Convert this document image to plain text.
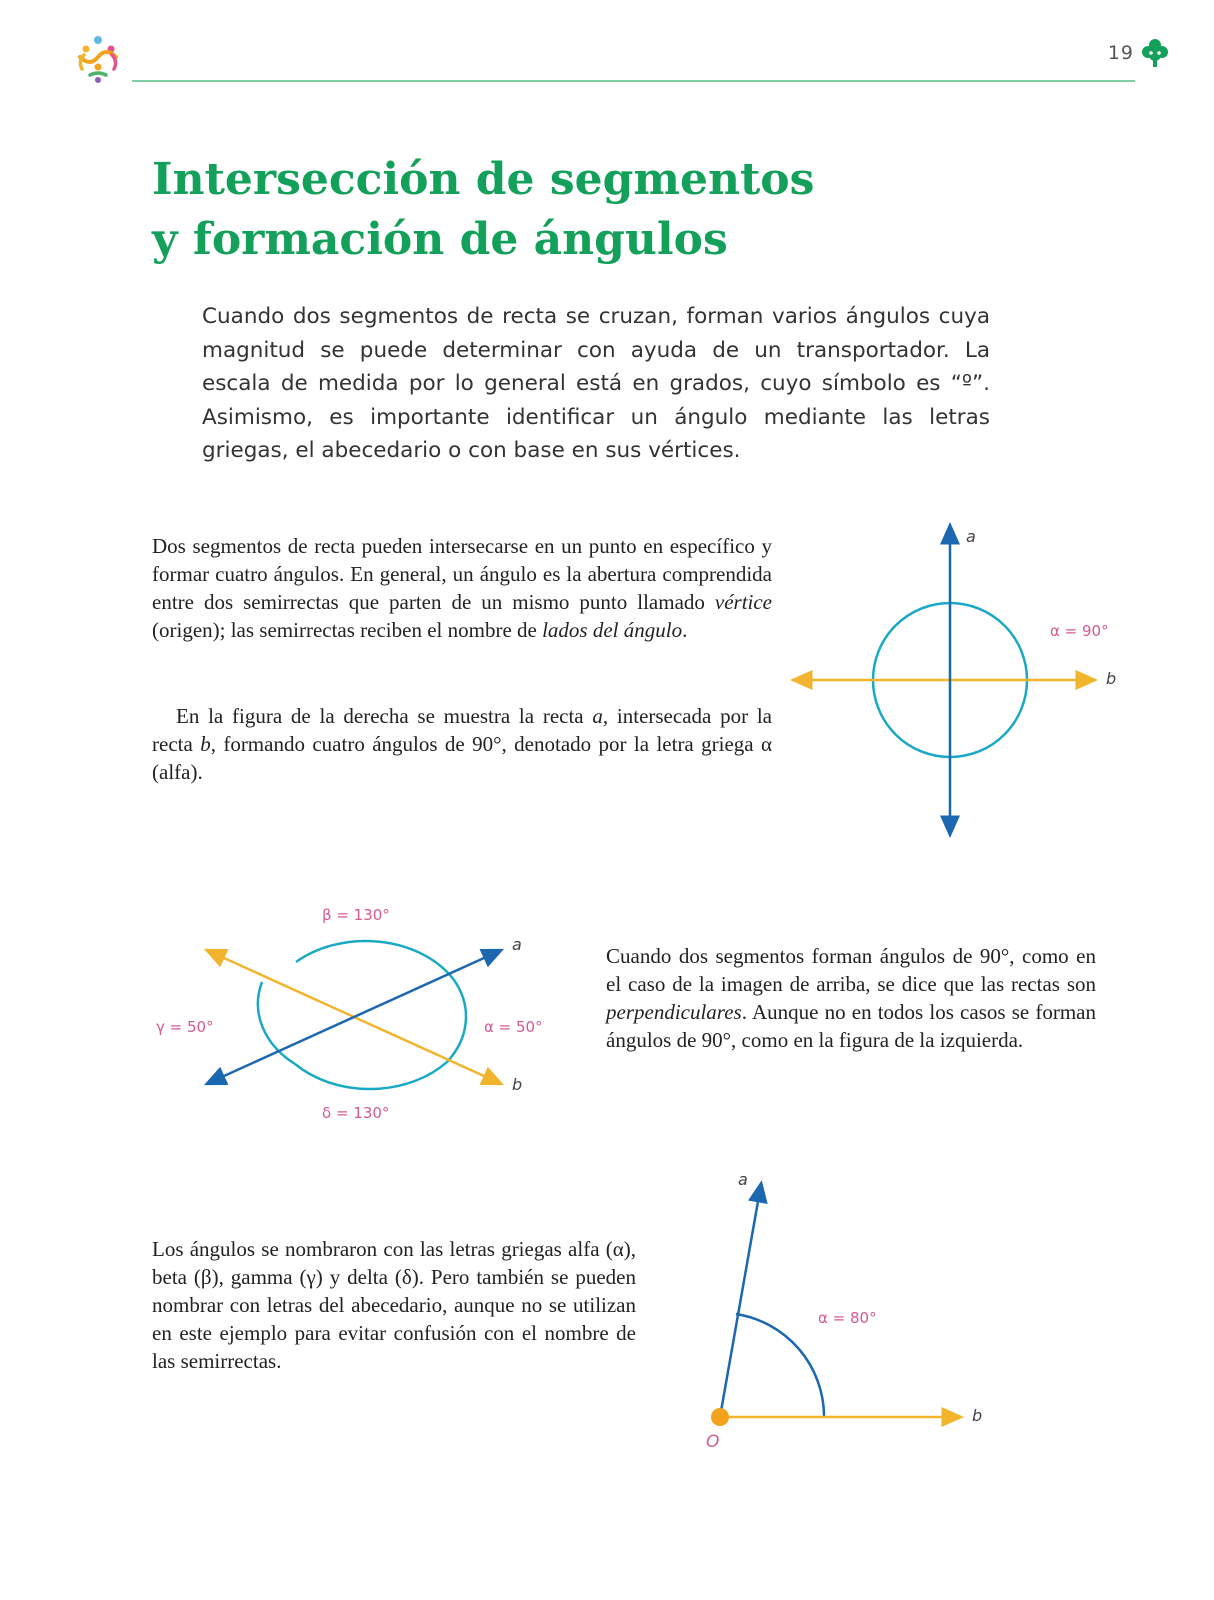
19
Intersección de segmentos
y formación de ángulos

Cuando dos segmentos de recta se cruzan, forman varios ángulos cuya magnitud se puede determinar con ayuda de un transportador. La escala de medida por lo general está en grados, cuyo símbolo es “º”. Asimismo, es importante identificar un ángulo mediante las letras griegas, el abecedario o con base en sus vértices.

Dos segmentos de recta pueden intersecarse en un punto en específico y formar cuatro ángulos. En general, un ángulo es la abertura comprendida entre dos semirrectas que parten de un mismo punto llamado vértice (origen); las semirrectas reciben el nombre de lados del ángulo.

En la figura de la derecha se muestra la recta a, intersecada por la recta b, formando cuatro ángulos de 90°, denotado por la letra griega α (alfa).

a
b
α = 90°
a
b
β = 130°
α = 50°
γ = 50°
δ = 130°

Cuando dos segmentos forman ángulos de 90°, como en el caso de la imagen de arriba, se dice que las rectas son perpendiculares. Aunque no en todos los casos se forman ángulos de 90°, como en la figura de la izquierda.

Los ángulos se nombraron con las letras griegas alfa (α), beta (β), gamma (γ) y delta (δ). Pero también se pueden nombrar con letras del abecedario, aunque no se utilizan en este ejemplo para evitar confusión con el nombre de las semirrectas.

a
b
α = 80°
O
